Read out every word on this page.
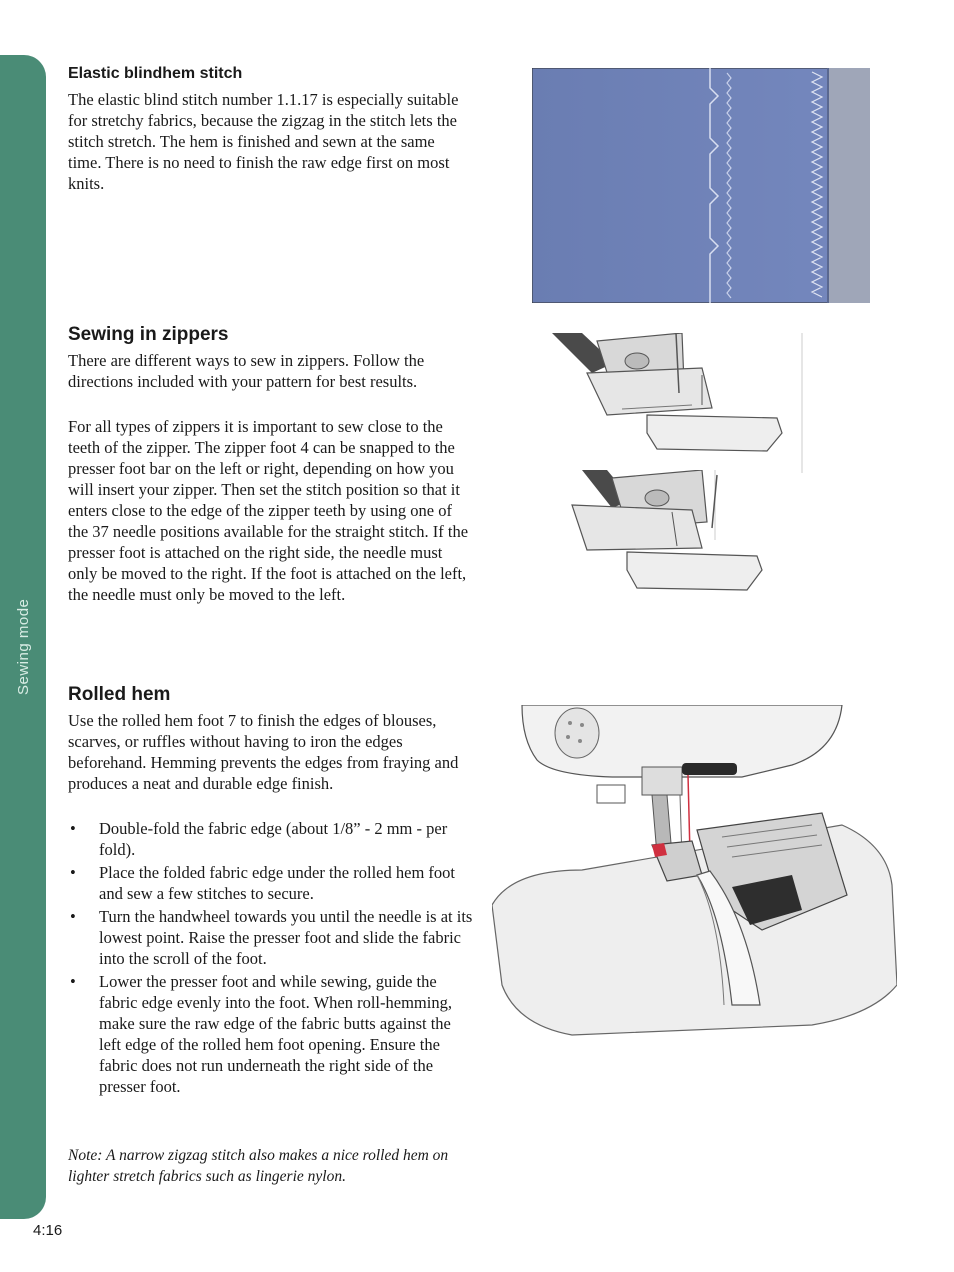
Sewing mode
Elastic blindhem stitch

The elastic blind stitch number 1.1.17 is especially suitable for stretchy fabrics, because the zigzag in the stitch lets the stitch stretch. The hem is finished and sewn at the same time. There is no need to finish the raw edge first on most knits.

Sewing in zippers

There are different ways to sew in zippers. Follow the directions included with your pattern for best results.

For all types of zippers it is important to sew close to the teeth of the zipper. The zipper foot 4 can be snapped to the presser foot bar on the left or right, depending on how you will insert your zipper. Then set the stitch position so that it enters close to the edge of the zipper teeth by using one of the 37 needle positions available for the straight stitch. If the presser foot is attached on the right side, the needle must only be moved to the right. If the foot is attached on the left, the needle must only be moved to the left.

Rolled hem

Use the rolled hem foot 7 to finish the edges of blouses, scarves, or ruffles without having to iron the edges beforehand. Hemming prevents the edges from fraying and produces a neat and durable edge finish.

• Double-fold the fabric edge (about 1/8” - 2 mm - per fold).
• Place the folded fabric edge under the rolled hem foot and sew a few stitches to secure.
• Turn the handwheel towards you until the needle is at its lowest point. Raise the presser foot and slide the fabric into the scroll of the foot.
• Lower the presser foot and while sewing, guide the fabric edge evenly into the foot. When roll-hemming, make sure the raw edge of the fabric butts against the left edge of the rolled hem foot opening. Ensure the fabric does not run underneath the right side of the presser foot.

Note: A narrow zigzag stitch also makes a nice rolled hem on lighter stretch fabrics such as lingerie nylon.

4:16
